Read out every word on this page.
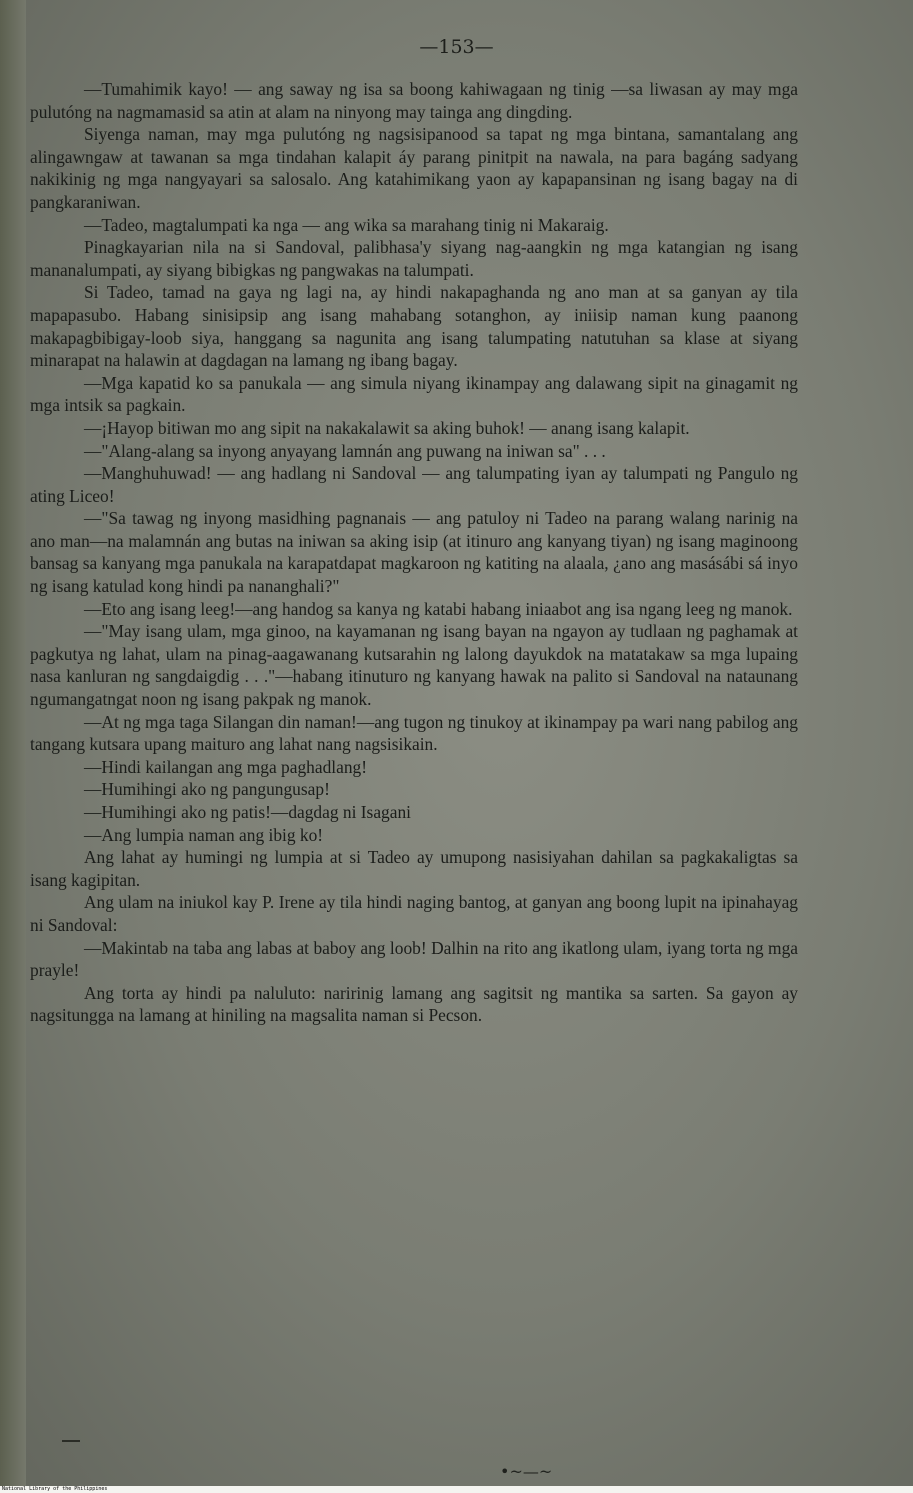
—153—

—Tumahimik kayo! — ang saway ng isa sa boong kahiwagaan ng tinig —sa liwasan ay may mga pulutóng na nagmamasid sa atin at alam na ninyong may tainga ang dingding.

Siyenga naman, may mga pulutóng ng nagsisipanood sa tapat ng mga bintana, samantalang ang alingawngaw at tawanan sa mga tindahan kalapit áy parang pinitpit na nawala, na para bagáng sadyang nakikinig ng mga nangyayari sa salosalo. Ang katahimikang yaon ay kapapansinan ng isang bagay na di pangkaraniwan.

—Tadeo, magtalumpati ka nga — ang wika sa marahang tinig ni Makaraig.

Pinagkayarian nila na si Sandoval, palibhasa'y siyang nag-aangkin ng mga katangian ng isang mananalumpati, ay siyang bibigkas ng pangwakas na talumpati.

Si Tadeo, tamad na gaya ng lagi na, ay hindi nakapaghanda ng ano man at sa ganyan ay tila mapapasubo. Habang sinisipsip ang isang mahabang sotanghon, ay iniisip naman kung paanong makapagbibigay-loob siya, hanggang sa nagunita ang isang talumpating natutuhan sa klase at siyang minarapat na halawin at dagdagan na lamang ng ibang bagay.

—Mga kapatid ko sa panukala — ang simula niyang ikinampay ang dalawang sipit na ginagamit ng mga intsik sa pagkain.

—¡Hayop bitiwan mo ang sipit na nakakalawit sa aking buhok! — anang isang kalapit.

—"Alang-alang sa inyong anyayang lamnán ang puwang na iniwan sa" . . .

—Manghuhuwad! — ang hadlang ni Sandoval — ang talumpating iyan ay talumpati ng Pangulo ng ating Liceo!

—"Sa tawag ng inyong masidhing pagnanais — ang patuloy ni Tadeo na parang walang narinig na ano man—na malamnán ang butas na iniwan sa aking isip (at itinuro ang kanyang tiyan) ng isang maginoong bansag sa kanyang mga panukala na karapatdapat magkaroon ng katiting na alaala, ¿ano ang masásábi sá inyo ng isang katulad kong hindi pa nananghali?"

—Eto ang isang leeg!—ang handog sa kanya ng katabi habang iniaabot ang isa ngang leeg ng manok.

—"May isang ulam, mga ginoo, na kayamanan ng isang bayan na ngayon ay tudlaan ng paghamak at pagkutya ng lahat, ulam na pinag-aagawanang kutsarahin ng lalong dayukdok na matatakaw sa mga lupaing nasa kanluran ng sangdaigdig . . ."—habang itinuturo ng kanyang hawak na palito si Sandoval na nataunang ngumangatngat noon ng isang pakpak ng manok.

—At ng mga taga Silangan din naman!—ang tugon ng tinukoy at ikinampay pa wari nang pabilog ang tangang kutsara upang maituro ang lahat nang nagsisikain.

—Hindi kailangan ang mga paghadlang!

—Humihingi ako ng pangungusap!

—Humihingi ako ng patis!—dagdag ni Isagani

—Ang lumpia naman ang ibig ko!

Ang lahat ay humingi ng lumpia at si Tadeo ay umupong nasisiyahan dahilan sa pagkakaligtas sa isang kagipitan.

Ang ulam na iniukol kay P. Irene ay tila hindi naging bantog, at ganyan ang boong lupit na ipinahayag ni Sandoval:

—Makintab na taba ang labas at baboy ang loob! Dalhin na rito ang ikatlong ulam, iyang torta ng mga prayle!

Ang torta ay hindi pa naluluto: naririnig lamang ang sagitsit ng mantika sa sarten. Sa gayon ay nagsitungga na lamang at hiniling na magsalita naman si Pecson.

•~—~
National Library of the Philippines
